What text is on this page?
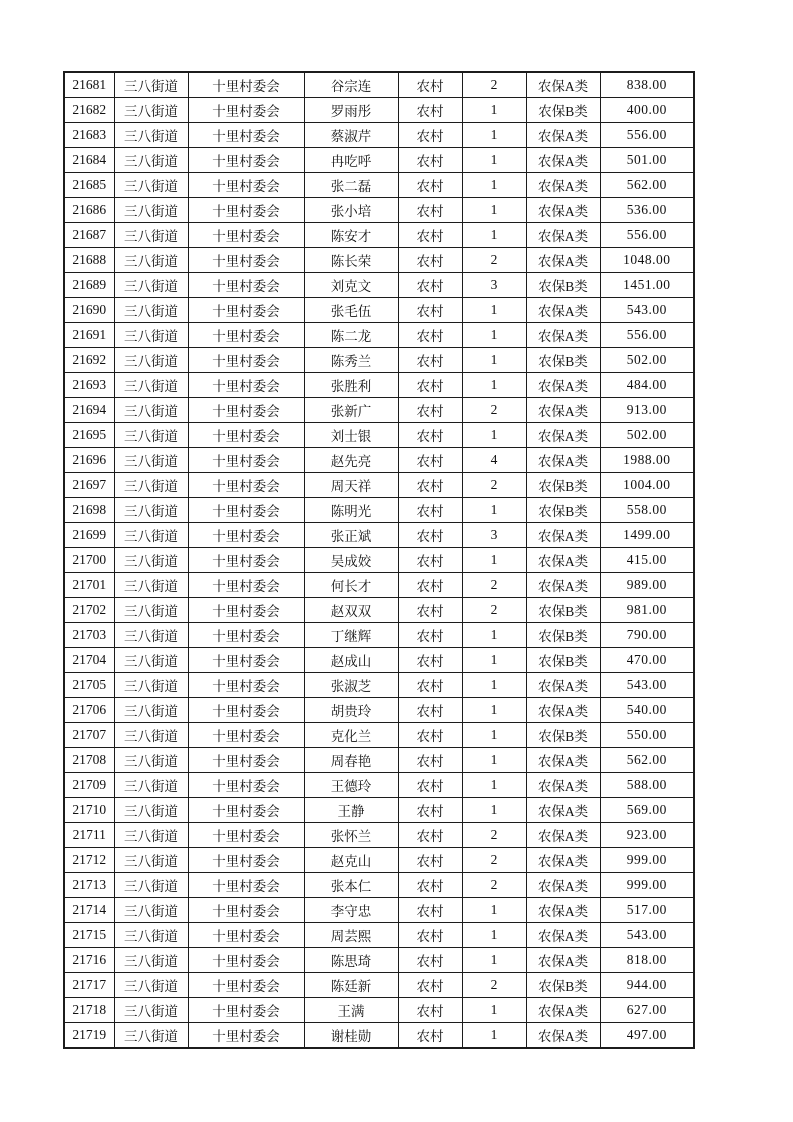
21681	三八街道	十里村委会	谷宗连	农村	2	农保A类	838.00
21682	三八街道	十里村委会	罗雨彤	农村	1	农保B类	400.00
21683	三八街道	十里村委会	蔡淑芹	农村	1	农保A类	556.00
21684	三八街道	十里村委会	冉吃呼	农村	1	农保A类	501.00
21685	三八街道	十里村委会	张二磊	农村	1	农保A类	562.00
21686	三八街道	十里村委会	张小培	农村	1	农保A类	536.00
21687	三八街道	十里村委会	陈安才	农村	1	农保A类	556.00
21688	三八街道	十里村委会	陈长荣	农村	2	农保A类	1048.00
21689	三八街道	十里村委会	刘克文	农村	3	农保B类	1451.00
21690	三八街道	十里村委会	张毛伍	农村	1	农保A类	543.00
21691	三八街道	十里村委会	陈二龙	农村	1	农保A类	556.00
21692	三八街道	十里村委会	陈秀兰	农村	1	农保B类	502.00
21693	三八街道	十里村委会	张胜利	农村	1	农保A类	484.00
21694	三八街道	十里村委会	张新广	农村	2	农保A类	913.00
21695	三八街道	十里村委会	刘士银	农村	1	农保A类	502.00
21696	三八街道	十里村委会	赵先亮	农村	4	农保A类	1988.00
21697	三八街道	十里村委会	周天祥	农村	2	农保B类	1004.00
21698	三八街道	十里村委会	陈明光	农村	1	农保B类	558.00
21699	三八街道	十里村委会	张正斌	农村	3	农保A类	1499.00
21700	三八街道	十里村委会	吴成姣	农村	1	农保A类	415.00
21701	三八街道	十里村委会	何长才	农村	2	农保A类	989.00
21702	三八街道	十里村委会	赵双双	农村	2	农保B类	981.00
21703	三八街道	十里村委会	丁继辉	农村	1	农保B类	790.00
21704	三八街道	十里村委会	赵成山	农村	1	农保B类	470.00
21705	三八街道	十里村委会	张淑芝	农村	1	农保A类	543.00
21706	三八街道	十里村委会	胡贵玲	农村	1	农保A类	540.00
21707	三八街道	十里村委会	克化兰	农村	1	农保B类	550.00
21708	三八街道	十里村委会	周春艳	农村	1	农保A类	562.00
21709	三八街道	十里村委会	王德玲	农村	1	农保A类	588.00
21710	三八街道	十里村委会	王静	农村	1	农保A类	569.00
21711	三八街道	十里村委会	张怀兰	农村	2	农保A类	923.00
21712	三八街道	十里村委会	赵克山	农村	2	农保A类	999.00
21713	三八街道	十里村委会	张本仁	农村	2	农保A类	999.00
21714	三八街道	十里村委会	李守忠	农村	1	农保A类	517.00
21715	三八街道	十里村委会	周芸熙	农村	1	农保A类	543.00
21716	三八街道	十里村委会	陈思琦	农村	1	农保A类	818.00
21717	三八街道	十里村委会	陈廷新	农村	2	农保B类	944.00
21718	三八街道	十里村委会	王满	农村	1	农保A类	627.00
21719	三八街道	十里村委会	谢桂勋	农村	1	农保A类	497.00
